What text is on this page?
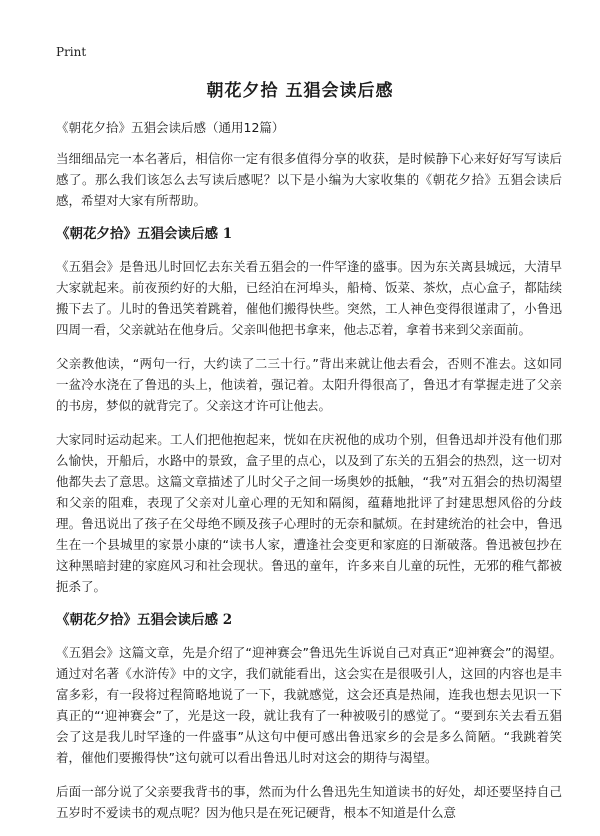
Print
朝花夕拾 五猖会读后感

《朝花夕拾》五猖会读后感（通用12篇）

当细细品完一本名著后，相信你一定有很多值得分享的收获，是时候静下心来好好写写读后感了。那么我们该怎么去写读后感呢？以下是小编为大家收集的《朝花夕拾》五猖会读后感，希望对大家有所帮助。

《朝花夕拾》五猖会读后感 1

《五猖会》是鲁迅儿时回忆去东关看五猖会的一件罕逢的盛事。因为东关离县城远，大清早大家就起来。前夜预约好的大船，已经泊在河埠头，船椅、饭菜、茶炊，点心盒子，都陆续搬下去了。儿时的鲁迅笑着跳着，催他们搬得快些。突然，工人神色变得很谨肃了，小鲁迅四周一看，父亲就站在他身后。父亲叫他把书拿来，他忐忑着，拿着书来到父亲面前。

父亲教他读，“两句一行，大约读了二三十行。”背出来就让他去看会，否则不准去。这如同一盆冷水浇在了鲁迅的头上，他读着，强记着。太阳升得很高了，鲁迅才有掌握走进了父亲的书房，梦似的就背完了。父亲这才许可让他去。

大家同时运动起来。工人们把他抱起来，恍如在庆祝他的成功个别，但鲁迅却并没有他们那么愉快，开船后，水路中的景致，盒子里的点心，以及到了东关的五猖会的热烈，这一切对他都失去了意思。这篇文章描述了儿时父子之间一场奥妙的抵触，“我”对五猖会的热切渴望和父亲的阻难，表现了父亲对儿童心理的无知和隔阂，蕴藉地批评了封建思想风俗的分歧理。鲁迅说出了孩子在父母绝不顾及孩子心理时的无奈和腻烦。在封建统治的社会中，鲁迅生在一个县城里的家景小康的“读书人家，遭逢社会变更和家庭的日渐破落。鲁迅被包抄在这种黑暗封建的家庭风习和社会现状。鲁迅的童年，许多来自儿童的玩性，无邪的稚气都被扼杀了。

《朝花夕拾》五猖会读后感 2

《五猖会》这篇文章，先是介绍了“迎神赛会”鲁迅先生诉说自己对真正“迎神赛会”的渴望。通过对名著《水浒传》中的文字，我们就能看出，这会实在是很吸引人，这回的内容也是丰富多彩，有一段将过程简略地说了一下，我就感觉，这会还真是热闹，连我也想去见识一下真正的“‘迎神赛会”了，光是这一段，就让我有了一种被吸引的感觉了。“要到东关去看五猖会了这是我儿时罕逢的一件盛事”从这句中便可感出鲁迅家乡的会是多么简陋。“我跳着笑着，催他们要搬得快”这句就可以看出鲁迅儿时对这会的期待与渴望。

后面一部分说了父亲要我背书的事，然而为什么鲁迅先生知道读书的好处，却还要坚持自己五岁时不爱读书的观点呢？因为他只是在死记硬背，根本不知道是什么意
